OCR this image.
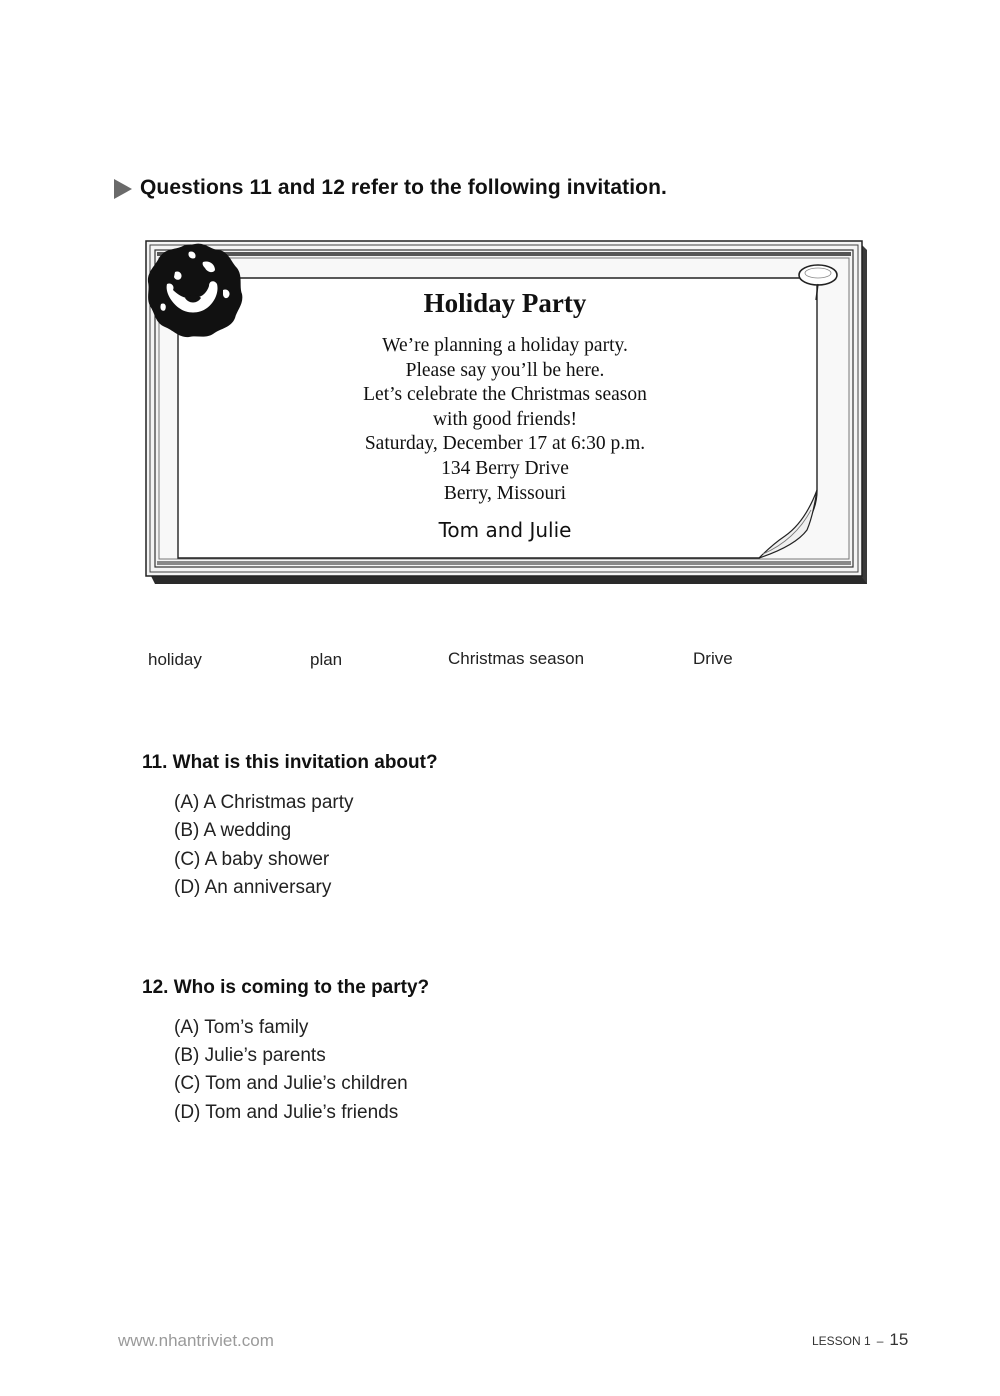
Questions 11 and 12 refer to the following invitation.
Holiday Party
We’re planning a holiday party.
Please say you’ll be here.
Let’s celebrate the Christmas season
with good friends!
Saturday, December 17 at 6:30 p.m.
134 Berry Drive
Berry, Missouri
Tom and Julie
holiday	plan	Christmas season	Drive
11. What is this invitation about?
(A) A Christmas party
(B) A wedding
(C) A baby shower
(D) An anniversary
12. Who is coming to the party?
(A) Tom’s family
(B) Julie’s parents
(C) Tom and Julie’s children
(D) Tom and Julie’s friends
www.nhantriviet.com	LESSON 1 – 15
